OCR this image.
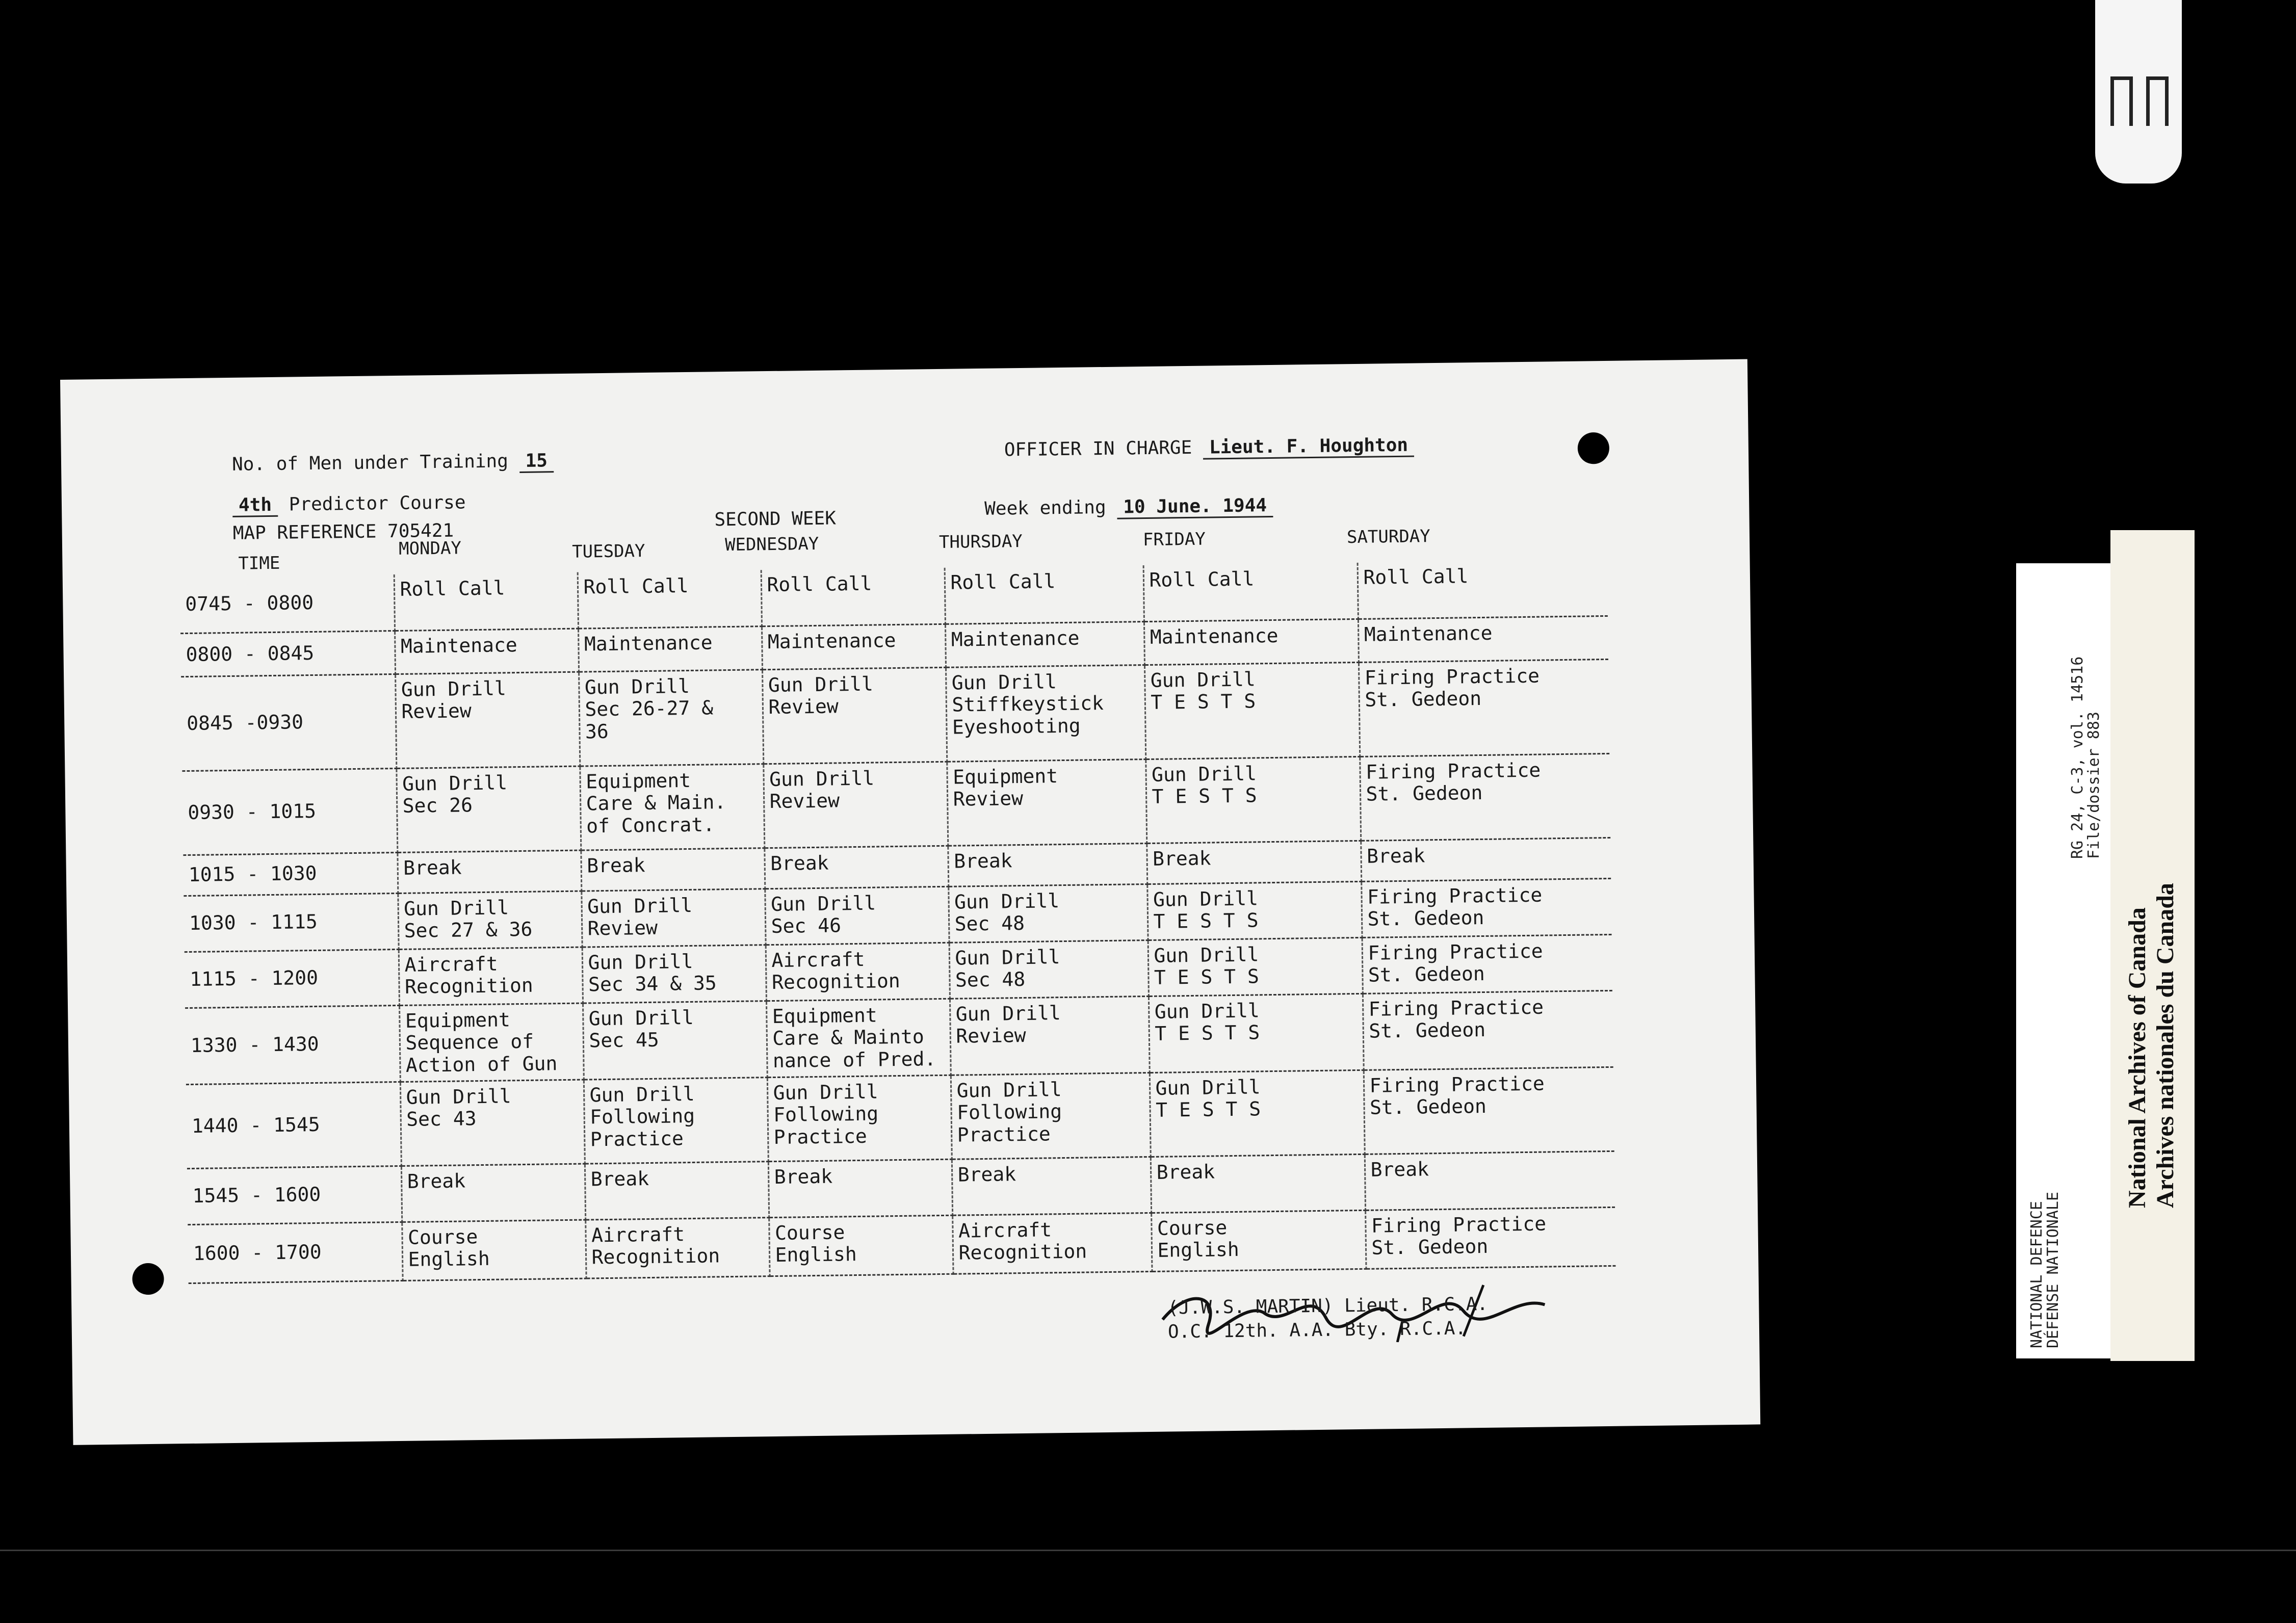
No. of Men under Training 15
OFFICER IN CHARGE Lieut. F. Houghton
4th Predictor Course
MAP REFERENCE 705421
SECOND WEEK	Week ending 10 June. 1944
TIME
MONDAY	TUESDAY	WEDNESDAY	THURSDAY	FRIDAY	SATURDAY
0745 - 0800	Roll Call	Roll Call	Roll Call	Roll Call	Roll Call	Roll Call
0800 - 0845	Maintenace	Maintenance	Maintenance	Maintenance	Maintenance	Maintenance
0845 -0930	Gun Drill
Review	Gun Drill
Sec 26-27 &
36	Gun Drill
Review	Gun Drill
Stiffkeystick
Eyeshooting	Gun Drill
T E S T S	Firing Practice
St. Gedeon
0930 - 1015	Gun Drill
Sec 26	Equipment
Care & Main.
of Concrat.	Gun Drill
Review	Equipment
Review	Gun Drill
T E S T S	Firing Practice
St. Gedeon
1015 - 1030	Break	Break	Break	Break	Break	Break
1030 - 1115	Gun Drill
Sec 27 & 36	Gun Drill
Review	Gun Drill
Sec 46	Gun Drill
Sec 48	Gun Drill
T E S T S	Firing Practice
St. Gedeon
1115 - 1200	Aircraft
Recognition	Gun Drill
Sec 34 & 35	Aircraft
Recognition	Gun Drill
Sec 48	Gun Drill
T E S T S	Firing Practice
St. Gedeon
1330 - 1430	Equipment
Sequence of
Action of Gun	Gun Drill
Sec 45	Equipment
Care & Mainto
nance of Pred.	Gun Drill
Review	Gun Drill
T E S T S	Firing Practice
St. Gedeon
1440 - 1545	Gun Drill
Sec 43	Gun Drill
Following
Practice	Gun Drill
Following
Practice	Gun Drill
Following
Practice	Gun Drill
T E S T S	Firing Practice
St. Gedeon
1545 - 1600	Break	Break	Break	Break	Break	Break
1600 - 1700	Course
English	Aircraft
Recognition	Course
English	Aircraft
Recognition	Course
English	Firing Practice
St. Gedeon
(J.W.S. MARTIN) Lieut. R.C.A.
O.C. 12th. A.A. Bty. R.C.A.	NATIONAL DEFENCE
DÉFENSE NATIONALE
RG 24, C-3, vol. 14516
File/dossier 883
National Archives of Canada Archives nationales du Canada
